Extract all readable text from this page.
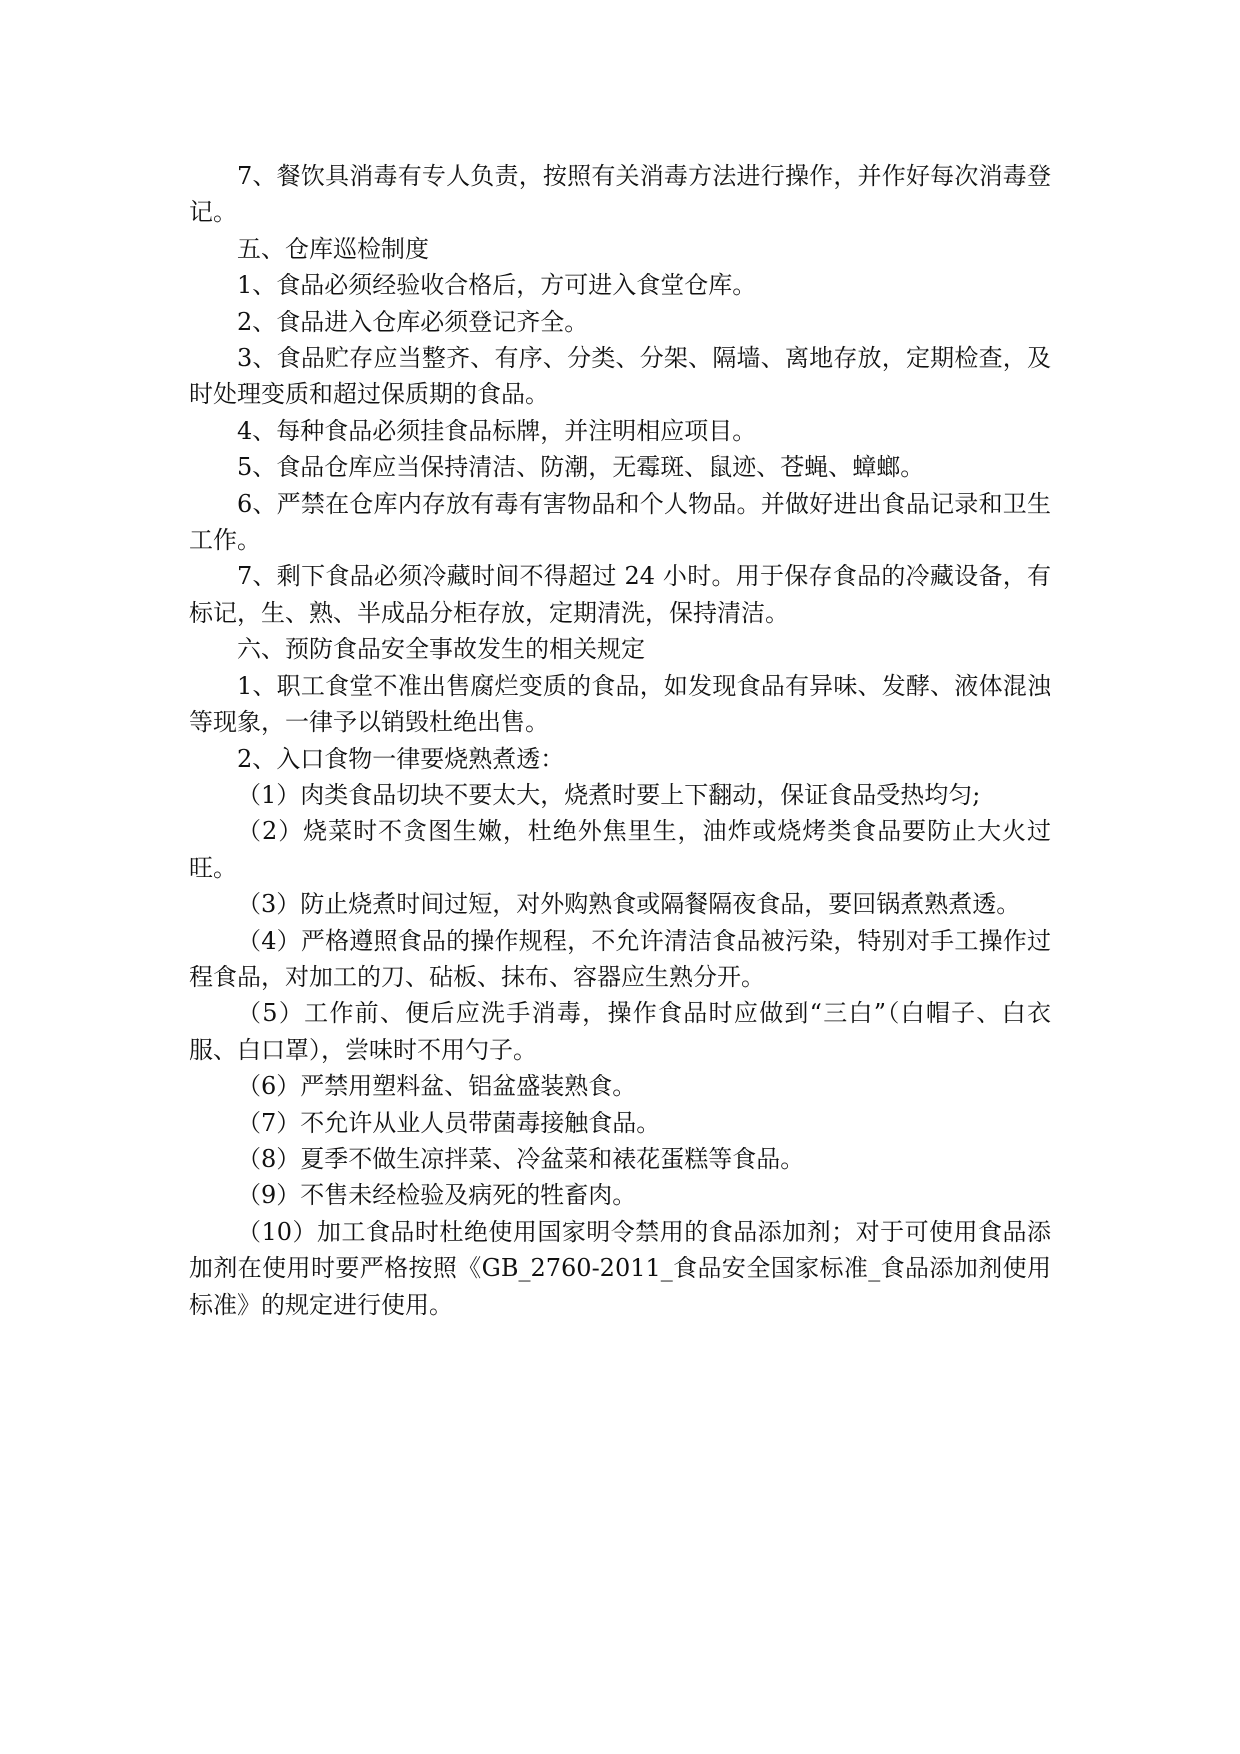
7、餐饮具消毒有专人负责，按照有关消毒方法进行操作，并作好每次消毒登记。

五、仓库巡检制度

1、食品必须经验收合格后，方可进入食堂仓库。

2、食品进入仓库必须登记齐全。

3、食品贮存应当整齐、有序、分类、分架、隔墙、离地存放，定期检查，及时处理变质和超过保质期的食品。

4、每种食品必须挂食品标牌，并注明相应项目。

5、食品仓库应当保持清洁、防潮，无霉斑、鼠迹、苍蝇、蟑螂。

6、严禁在仓库内存放有毒有害物品和个人物品。并做好进出食品记录和卫生工作。

7、剩下食品必须冷藏时间不得超过 24 小时。用于保存食品的冷藏设备，有标记，生、熟、半成品分柜存放，定期清洗，保持清洁。

六、预防食品安全事故发生的相关规定

1、职工食堂不准出售腐烂变质的食品，如发现食品有异味、发酵、液体混浊等现象，一律予以销毁杜绝出售。

2、入口食物一律要烧熟煮透：

（1）肉类食品切块不要太大，烧煮时要上下翻动，保证食品受热均匀;

（2）烧菜时不贪图生嫩，杜绝外焦里生，油炸或烧烤类食品要防止大火过旺。

（3）防止烧煮时间过短，对外购熟食或隔餐隔夜食品，要回锅煮熟煮透。

（4）严格遵照食品的操作规程，不允许清洁食品被污染，特别对手工操作过程食品，对加工的刀、砧板、抹布、容器应生熟分开。

（5）工作前、便后应洗手消毒，操作食品时应做到“三白”（白帽子、白衣服、白口罩），尝味时不用勺子。

（6）严禁用塑料盆、铝盆盛装熟食。

（7）不允许从业人员带菌毒接触食品。

（8）夏季不做生凉拌菜、冷盆菜和裱花蛋糕等食品。

（9）不售未经检验及病死的牲畜肉。

（10）加工食品时杜绝使用国家明令禁用的食品添加剂；对于可使用食品添加剂在使用时要严格按照《GB_2760-2011_食品安全国家标准_食品添加剂使用标准》的规定进行使用。
